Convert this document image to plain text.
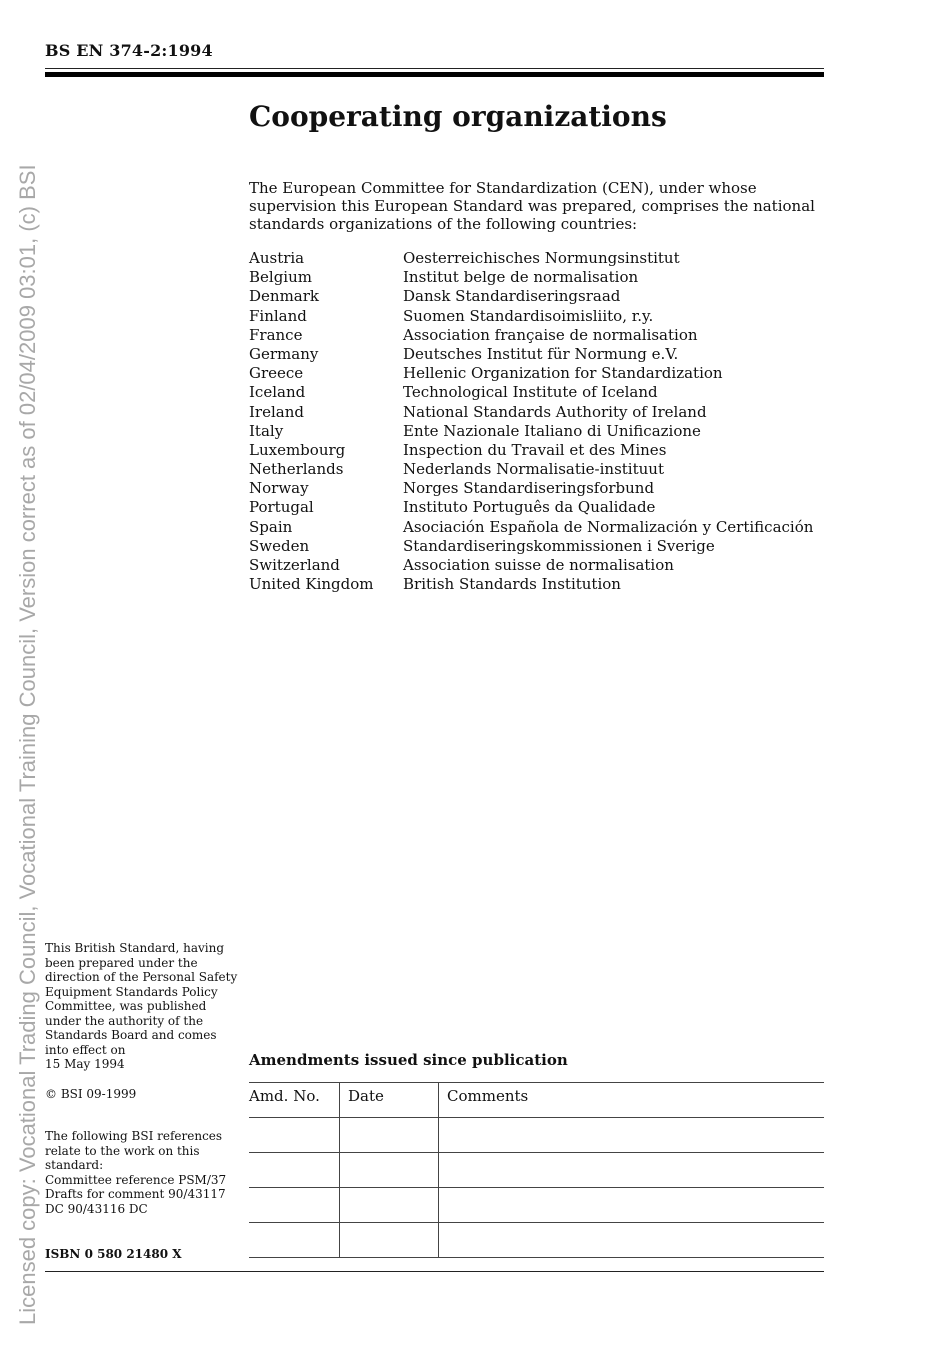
Licensed copy: Vocational Trading Council, Vocational Training Council, Version correct as of 02/04/2009 03:01, (c) BSI
BS EN 374-2:1994
Cooperating organizations

The European Committee for Standardization (CEN), under whose supervision this European Standard was prepared, comprises the national standards organizations of the following countries:

Austria	Oesterreichisches Normungsinstitut
Belgium	Institut belge de normalisation
Denmark	Dansk Standardiseringsraad
Finland	Suomen Standardisoimisliito, r.y.
France	Association française de normalisation
Germany	Deutsches Institut für Normung e.V.
Greece	Hellenic Organization for Standardization
Iceland	Technological Institute of Iceland
Ireland	National Standards Authority of Ireland
Italy	Ente Nazionale Italiano di Unificazione
Luxembourg	Inspection du Travail et des Mines
Netherlands	Nederlands Normalisatie-instituut
Norway	Norges Standardiseringsforbund
Portugal	Instituto Português da Qualidade
Spain	Asociación Española de Normalización y Certificación
Sweden	Standardiseringskommissionen i Sverige
Switzerland	Association suisse de normalisation
United Kingdom	British Standards Institution

This British Standard, having been prepared under the direction of the Personal Safety Equipment Standards Policy Committee, was published under the authority of the Standards Board and comes into effect on

15 May 1994

© BSI 09-1999

The following BSI references relate to the work on this standard:

Committee reference PSM/37

Drafts for comment 90/43117 DC 90/43116 DC

ISBN 0 580 21480 X
Amendments issued since publication
Amd. No.	Date	Comments
